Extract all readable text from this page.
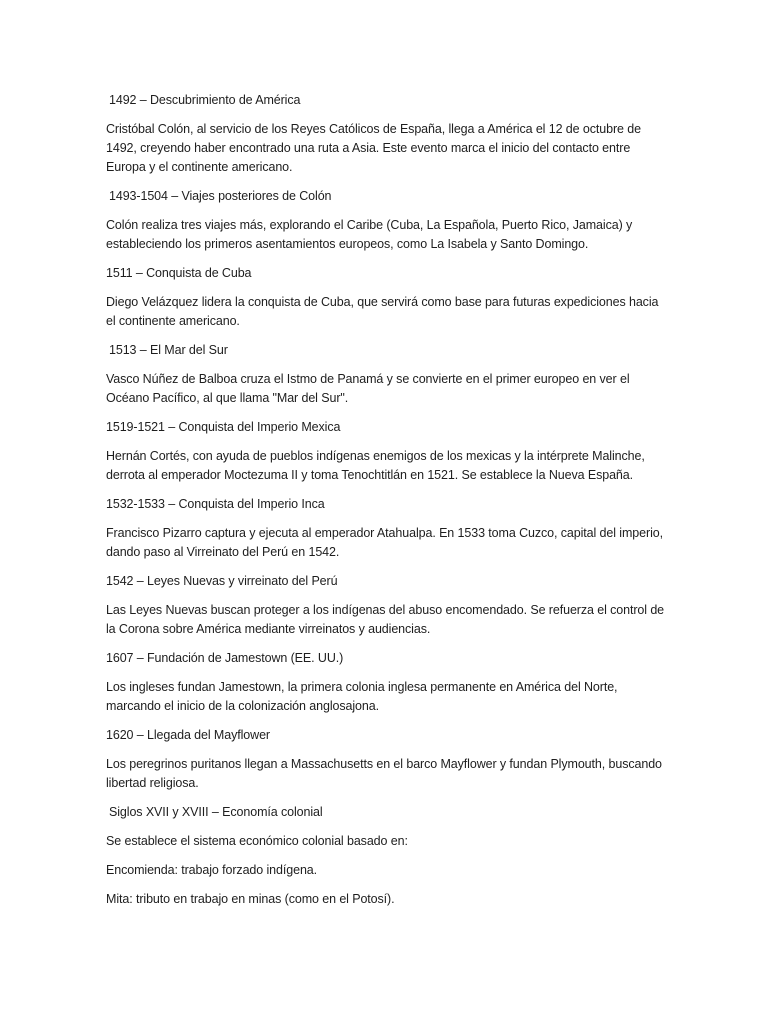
1492 – Descubrimiento de América

Cristóbal Colón, al servicio de los Reyes Católicos de España, llega a América el 12 de octubre de 1492, creyendo haber encontrado una ruta a Asia. Este evento marca el inicio del contacto entre Europa y el continente americano.

1493-1504 – Viajes posteriores de Colón

Colón realiza tres viajes más, explorando el Caribe (Cuba, La Española, Puerto Rico, Jamaica) y estableciendo los primeros asentamientos europeos, como La Isabela y Santo Domingo.

1511 – Conquista de Cuba

Diego Velázquez lidera la conquista de Cuba, que servirá como base para futuras expediciones hacia el continente americano.

1513 – El Mar del Sur

Vasco Núñez de Balboa cruza el Istmo de Panamá y se convierte en el primer europeo en ver el Océano Pacífico, al que llama "Mar del Sur".

1519-1521 – Conquista del Imperio Mexica

Hernán Cortés, con ayuda de pueblos indígenas enemigos de los mexicas y la intérprete Malinche, derrota al emperador Moctezuma II y toma Tenochtitlán en 1521. Se establece la Nueva España.

1532-1533 – Conquista del Imperio Inca

Francisco Pizarro captura y ejecuta al emperador Atahualpa. En 1533 toma Cuzco, capital del imperio, dando paso al Virreinato del Perú en 1542.

1542 – Leyes Nuevas y virreinato del Perú

Las Leyes Nuevas buscan proteger a los indígenas del abuso encomendado. Se refuerza el control de la Corona sobre América mediante virreinatos y audiencias.

1607 – Fundación de Jamestown (EE. UU.)

Los ingleses fundan Jamestown, la primera colonia inglesa permanente en América del Norte, marcando el inicio de la colonización anglosajona.

1620 – Llegada del Mayflower

Los peregrinos puritanos llegan a Massachusetts en el barco Mayflower y fundan Plymouth, buscando libertad religiosa.

Siglos XVII y XVIII – Economía colonial

Se establece el sistema económico colonial basado en:

Encomienda: trabajo forzado indígena.

Mita: tributo en trabajo en minas (como en el Potosí).
